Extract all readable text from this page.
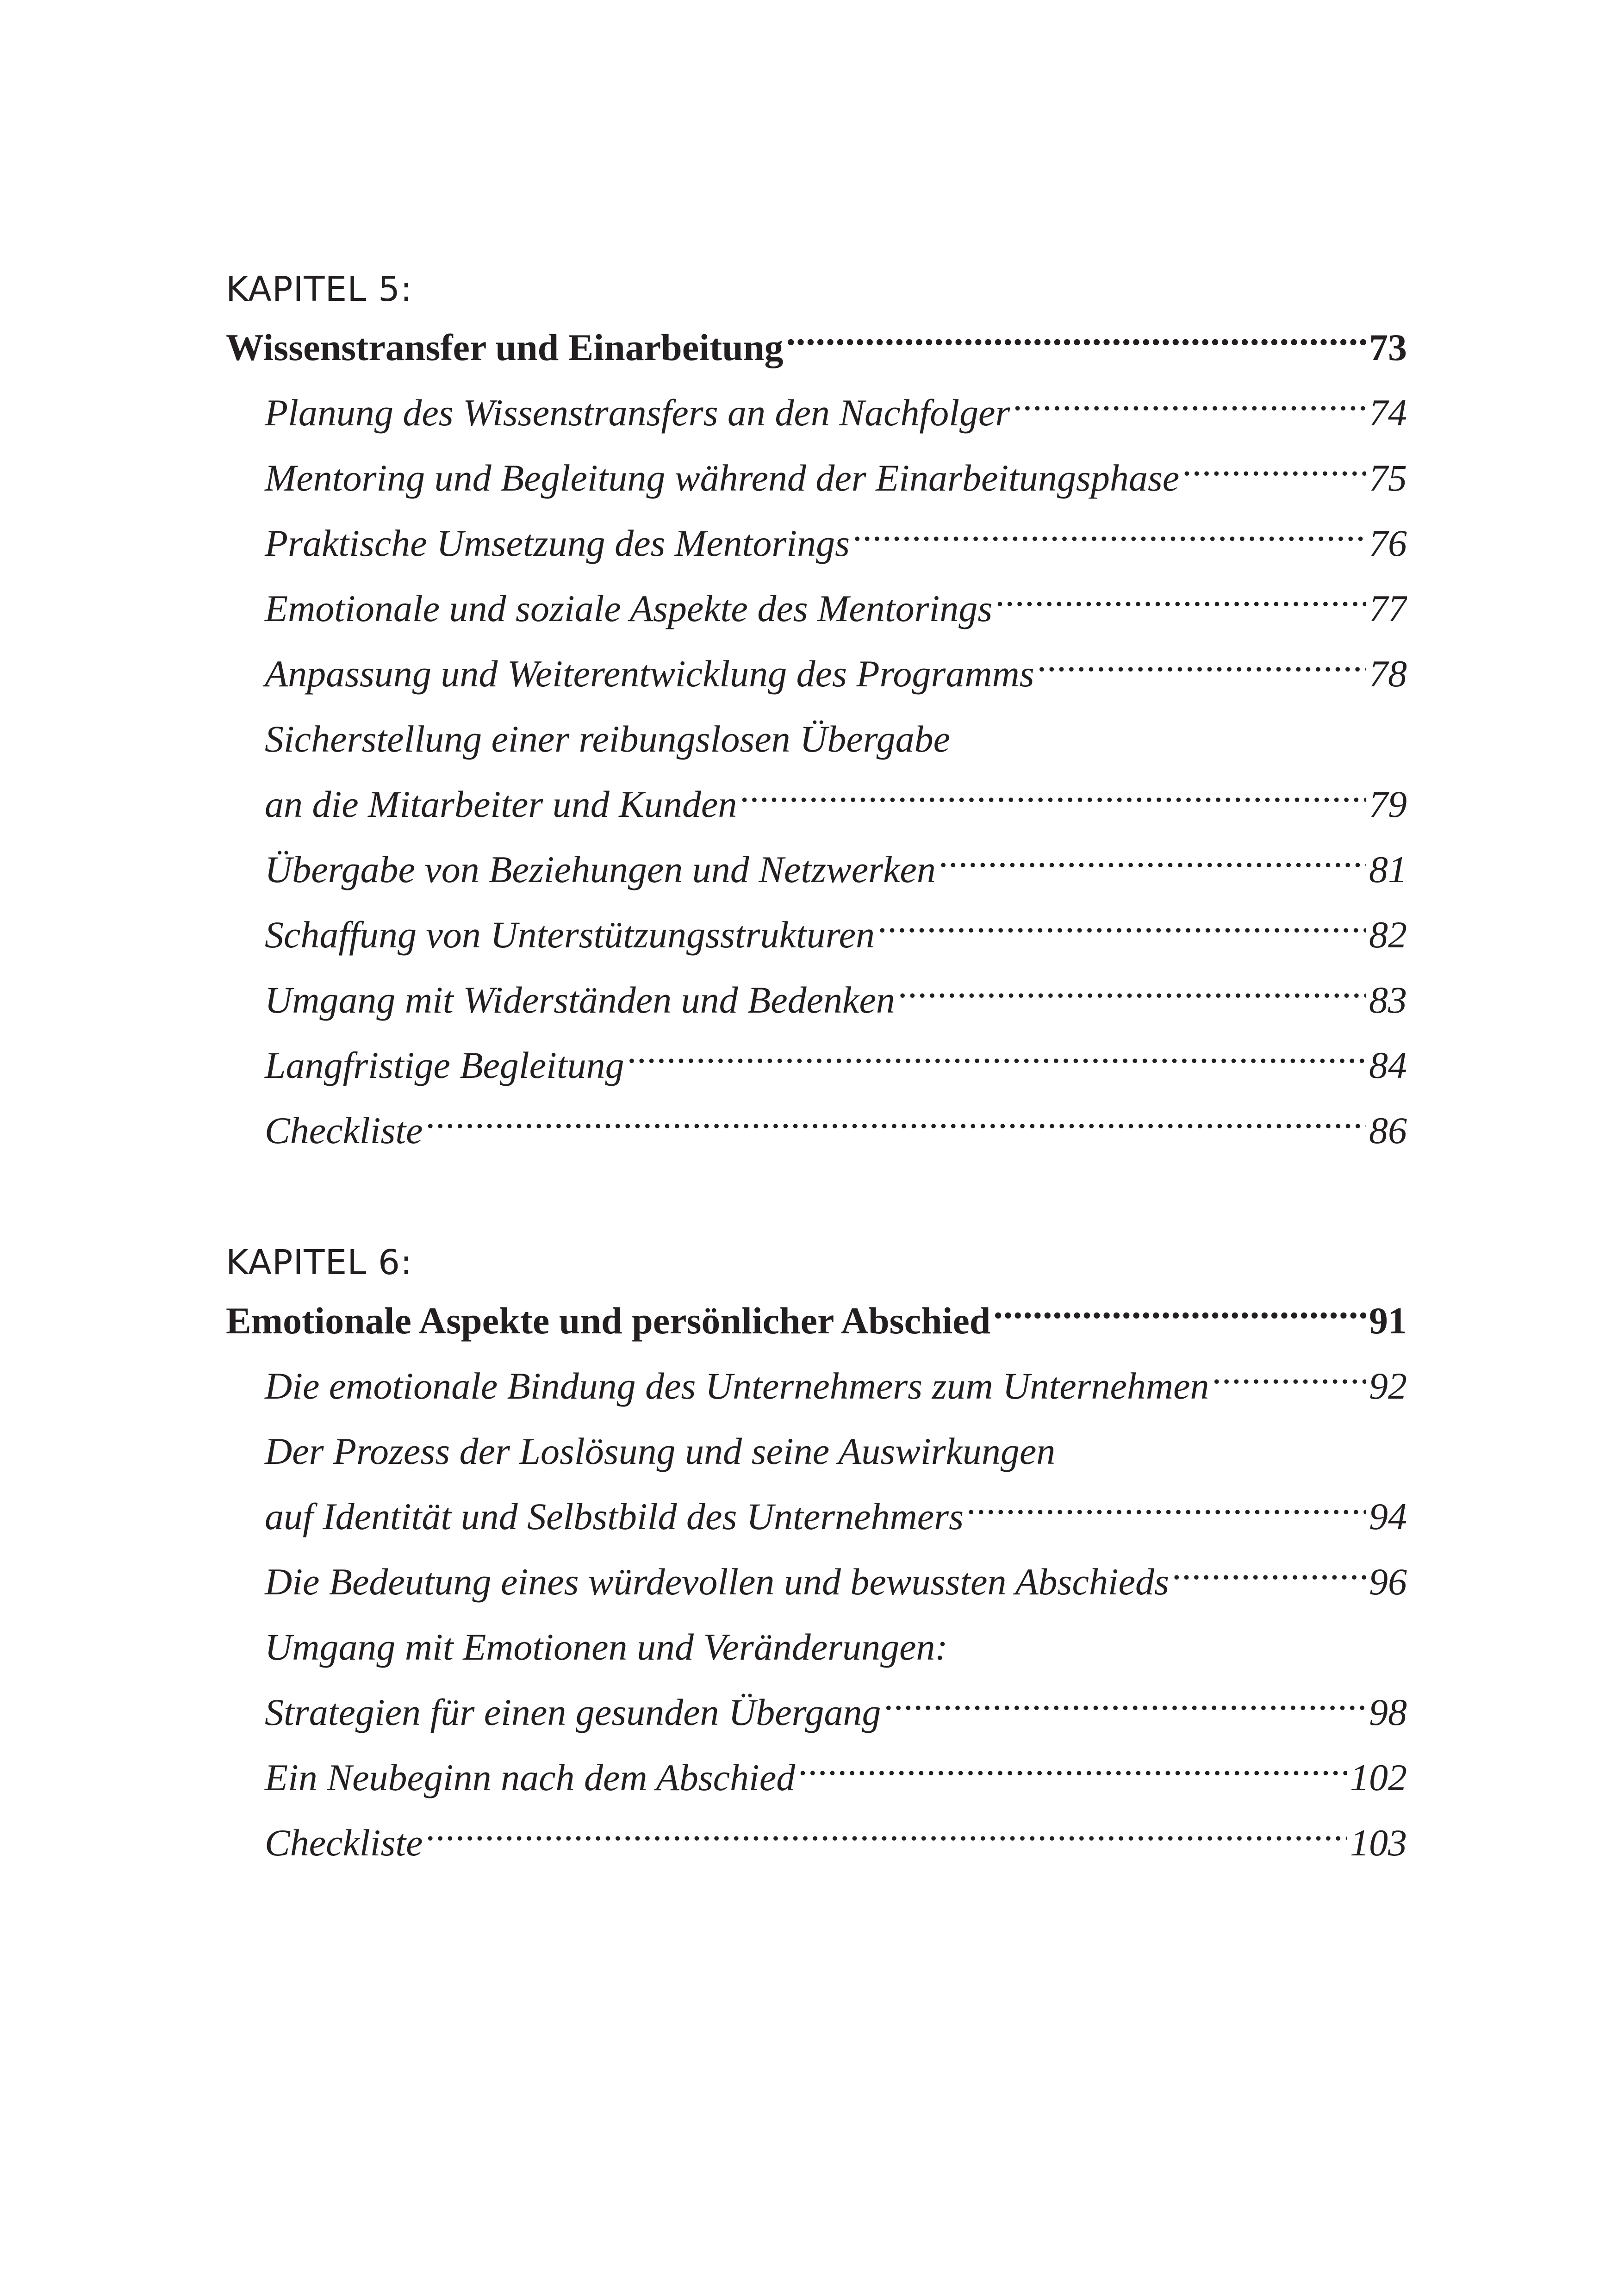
KAPITEL 5:
Wissenstransfer und Einarbeitung . . .	73
Planung des Wissenstransfers an den Nachfolger . . .	74
Mentoring und Begleitung während der Einarbeitungsphase . . .	75
Praktische Umsetzung des Mentorings . . .	76
Emotionale und soziale Aspekte des Mentorings . . .	77
Anpassung und Weiterentwicklung des Programms . . .	78
Sicherstellung einer reibungslosen Übergabe
an die Mitarbeiter und Kunden . . .	79
Übergabe von Beziehungen und Netzwerken . . .	81
Schaffung von Unterstützungsstrukturen . . .	82
Umgang mit Widerständen und Bedenken . . .	83
Langfristige Begleitung . . .	84
Checkliste . . .	86
KAPITEL 6:
Emotionale Aspekte und persönlicher Abschied . . .	91
Die emotionale Bindung des Unternehmers zum Unternehmen . . .	92
Der Prozess der Loslösung und seine Auswirkungen
auf Identität und Selbstbild des Unternehmers . . .	94
Die Bedeutung eines würdevollen und bewussten Abschieds . . .	96
Umgang mit Emotionen und Veränderungen:
Strategien für einen gesunden Übergang . . .	98
Ein Neubeginn nach dem Abschied . . .	102
Checkliste . . .	103
